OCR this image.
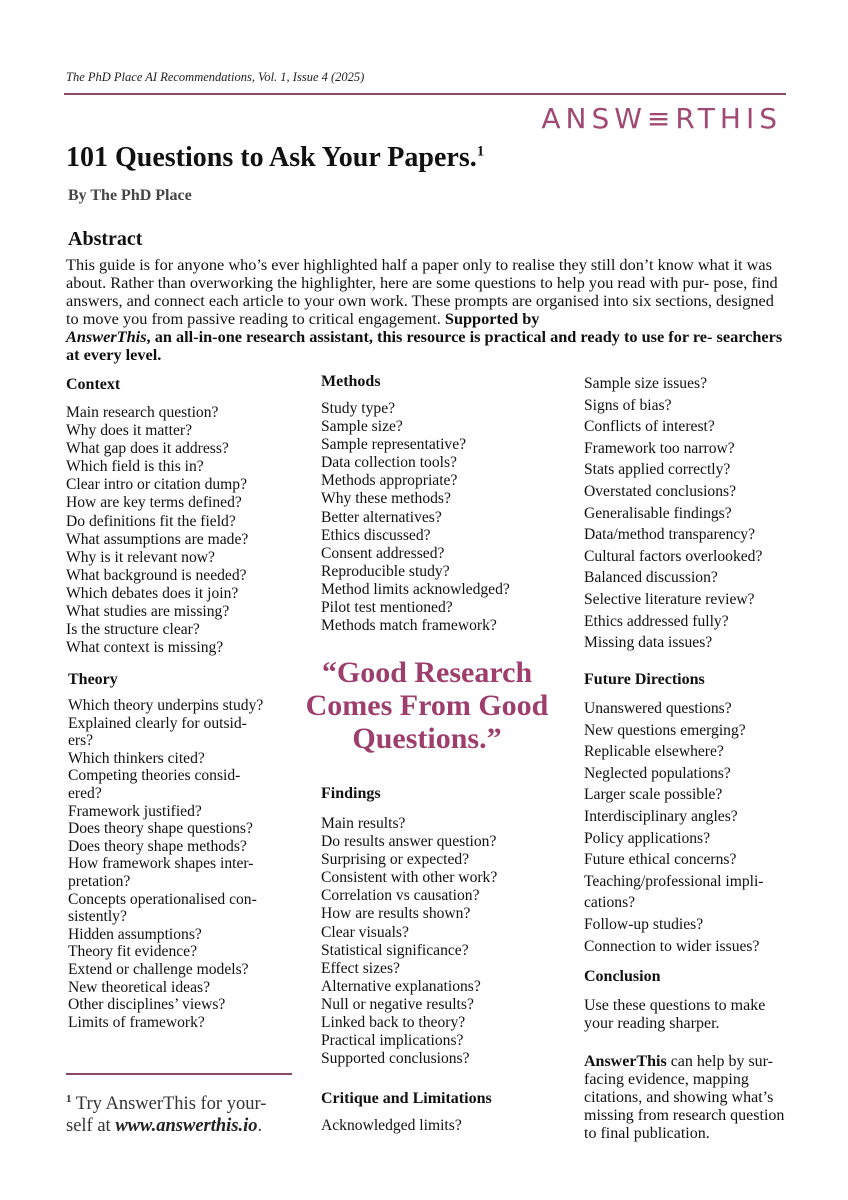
The PhD Place AI Recommendations, Vol. 1, Issue 4 (2025)
ANSW≡RTHIS
101 Questions to Ask Your Papers.$^1$
By The PhD Place
Abstract

This guide is for anyone who’s ever highlighted half a paper only to realise they still don’t know what it was about. Rather than overworking the highlighter, here are some questions to help you read with pur- pose, find answers, and connect each article to your own work. These prompts are organised into six sections, designed to move you from passive reading to critical engagement. Supported by
AnswerThis, an all-in-one research assistant, this resource is practical and ready to use for re- searchers at every level.

Context
Main research question?
Why does it matter?
What gap does it address?
Which field is this in?
Clear intro or citation dump?
How are key terms defined?
Do definitions fit the field?
What assumptions are made?
Why is it relevant now?
What background is needed?
Which debates does it join?
What studies are missing?
Is the structure clear?
What context is missing?
Theory
Which theory underpins study?
Explained clearly for outsid-
ers?
Which thinkers cited?
Competing theories consid-
ered?
Framework justified?
Does theory shape questions?
Does theory shape methods?
How framework shapes inter-
pretation?
Concepts operationalised con-
sistently?
Hidden assumptions?
Theory fit evidence?
Extend or challenge models?
New theoretical ideas?
Other disciplines’ views?
Limits of framework?

$^1$ Try AnswerThis for your- self at www.answerthis.io.

Methods
Study type?
Sample size?
Sample representative?
Data collection tools?
Methods appropriate?
Why these methods?
Better alternatives?
Ethics discussed?
Consent addressed?
Reproducible study?
Method limits acknowledged?
Pilot test mentioned?
Methods match framework?

“Good Research Comes From Good Questions.”

Findings
Main results?
Do results answer question?
Surprising or expected?
Consistent with other work?
Correlation vs causation?
How are results shown?
Clear visuals?
Statistical significance?
Effect sizes?
Alternative explanations?
Null or negative results?
Linked back to theory?
Practical implications?
Supported conclusions?
Critique and Limitations
Acknowledged limits?
Sample size issues?
Signs of bias?
Conflicts of interest?
Framework too narrow?
Stats applied correctly?
Overstated conclusions?
Generalisable findings?
Data/method transparency?
Cultural factors overlooked?
Balanced discussion?
Selective literature review?
Ethics addressed fully?
Missing data issues?
Future Directions
Unanswered questions?
New questions emerging?
Replicable elsewhere?
Neglected populations?
Larger scale possible?
Interdisciplinary angles?
Policy applications?
Future ethical concerns?
Teaching/professional impli-
cations?
Follow-up studies?
Connection to wider issues?
Conclusion

Use these questions to make your reading sharper.

AnswerThis can help by sur- facing evidence, mapping citations, and showing what’s missing from research question to final publication.
